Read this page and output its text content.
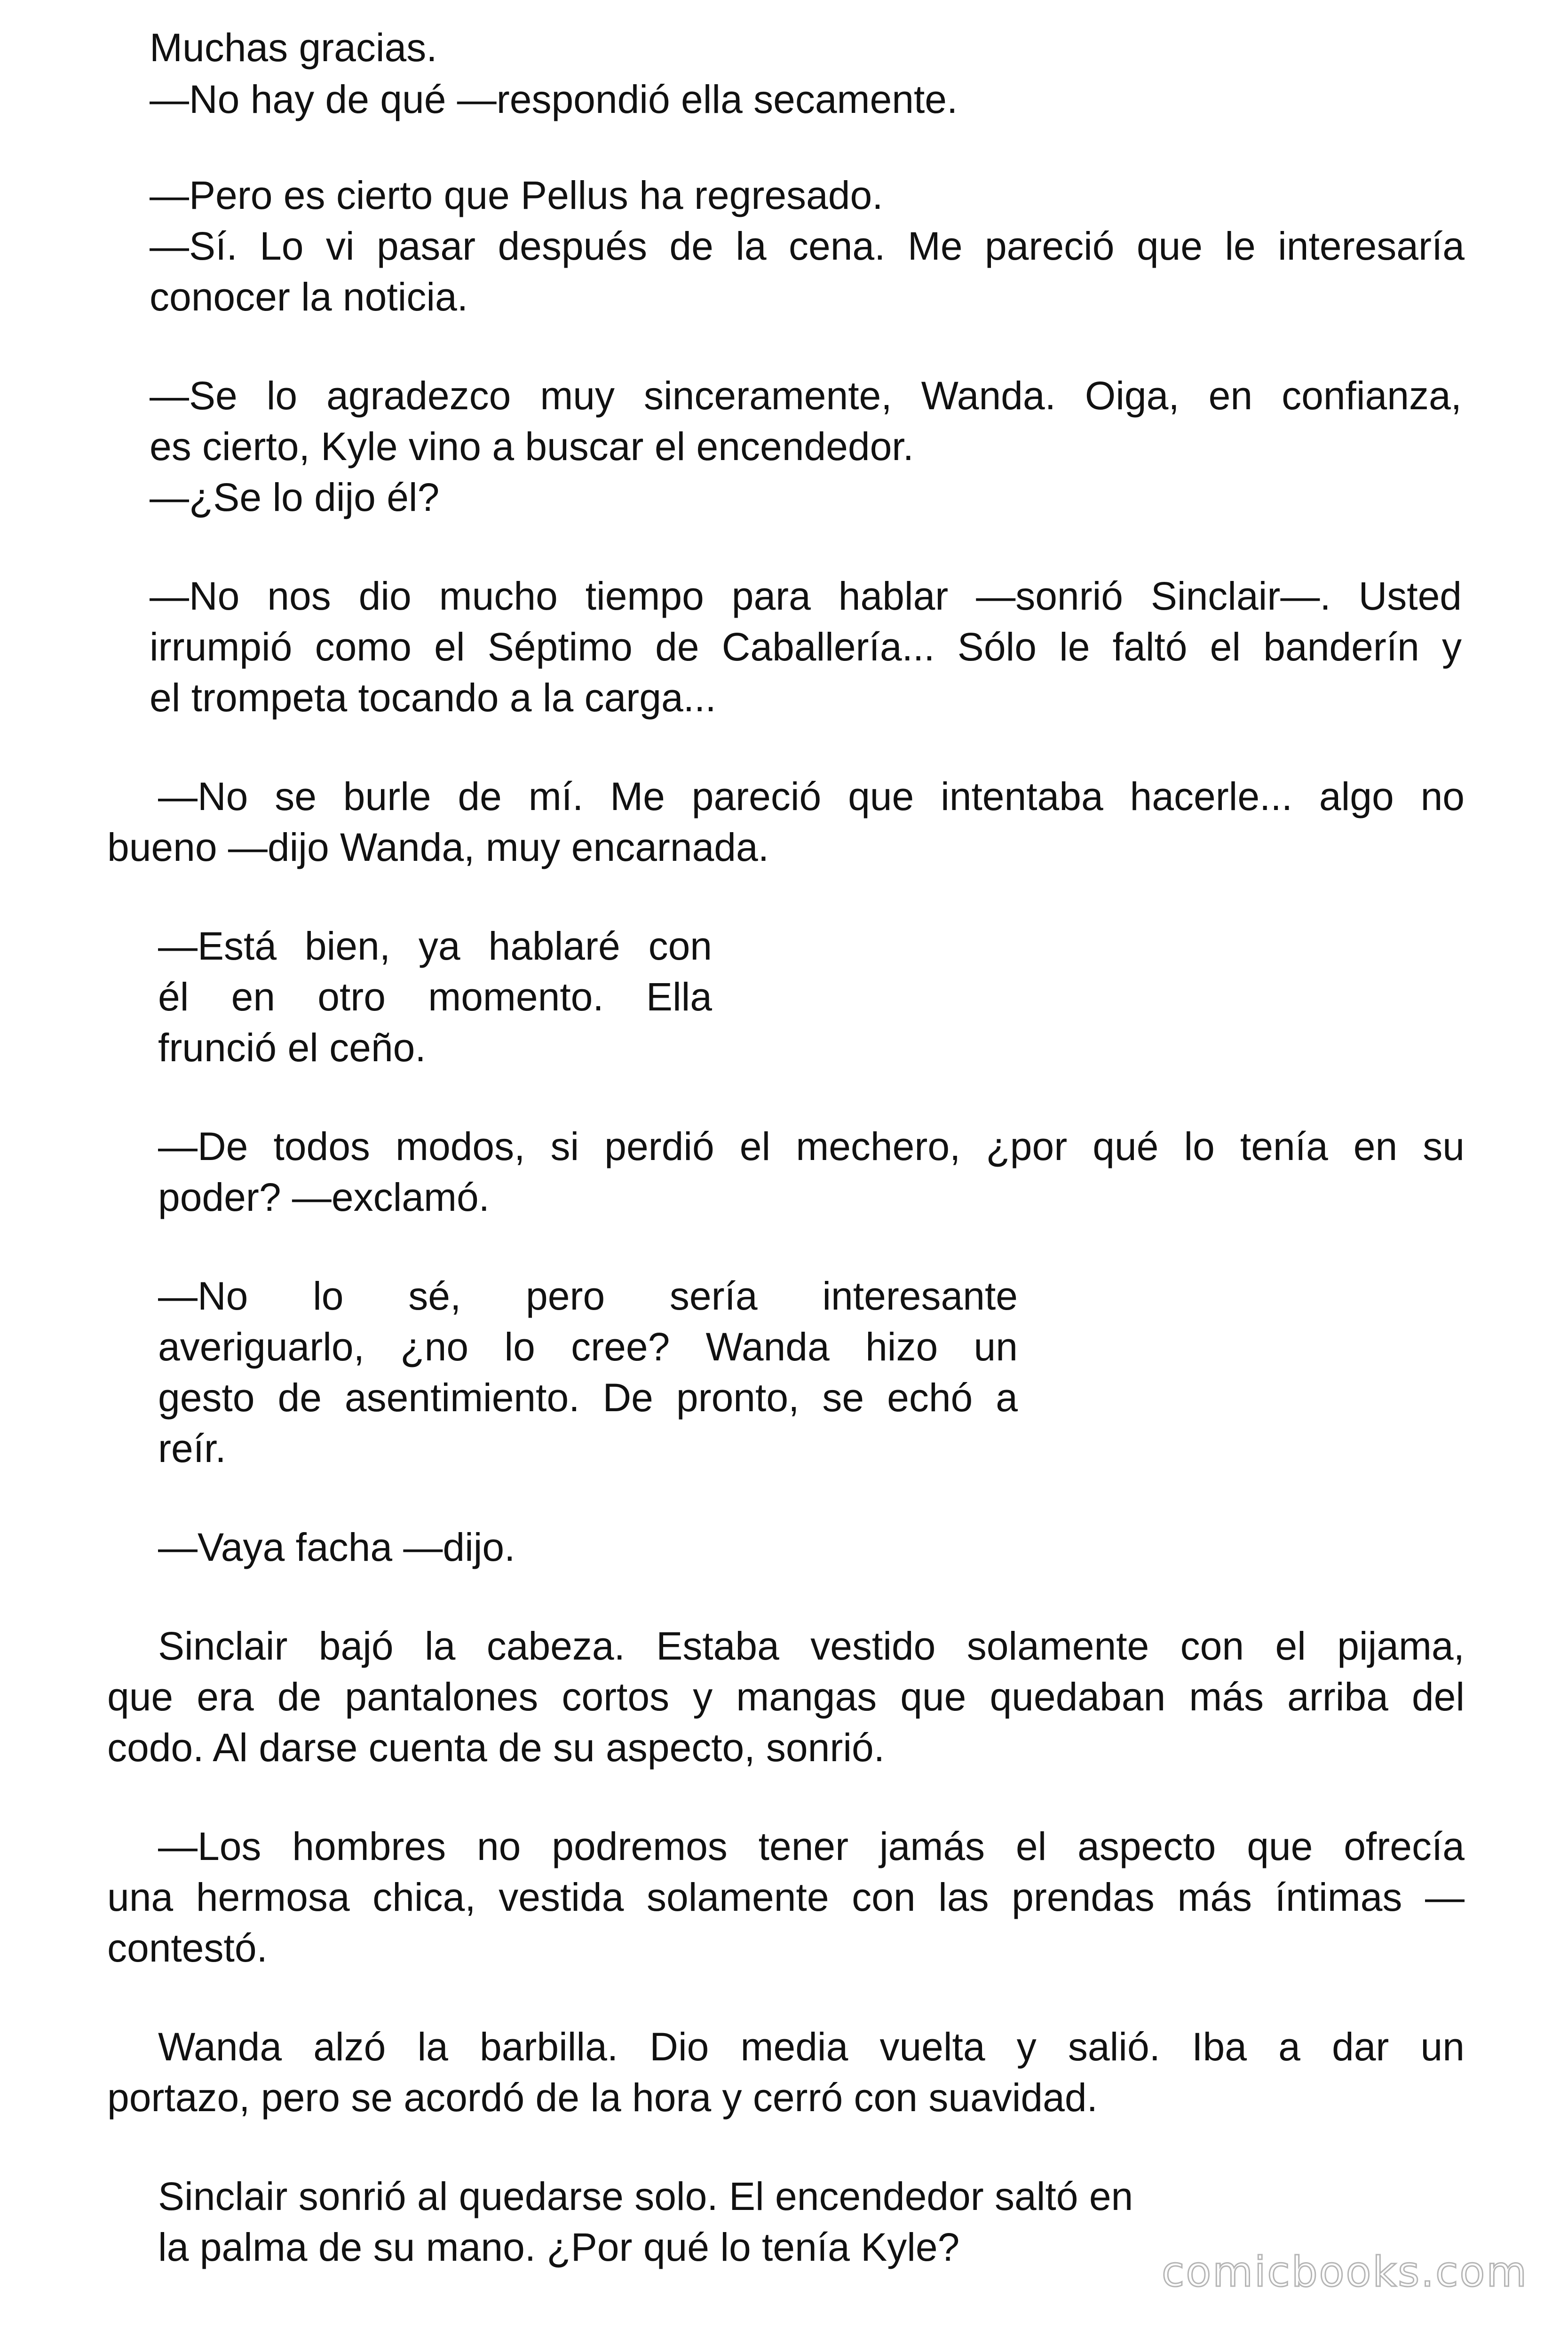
Muchas gracias.
—No hay de qué —respondió ella secamente.
—Pero es cierto que Pellus ha regresado.
—Sí. Lo vi pasar después de la cena. Me pareció que le interesaría
conocer la noticia.
—Se lo agradezco muy sinceramente, Wanda. Oiga, en confianza,
es cierto, Kyle vino a buscar el encendedor.
—¿Se lo dijo él?
—No nos dio mucho tiempo para hablar —sonrió Sinclair—. Usted
irrumpió como el Séptimo de Caballería... Sólo le faltó el banderín y
el trompeta tocando a la carga...
—No se burle de mí. Me pareció que intentaba hacerle... algo no
bueno —dijo Wanda, muy encarnada.
—Está bien, ya hablaré con
él en otro momento. Ella
frunció el ceño.
—De todos modos, si perdió el mechero, ¿por qué lo tenía en su
poder? —exclamó.
—No lo sé, pero sería interesante
averiguarlo, ¿no lo cree? Wanda hizo un
gesto de asentimiento. De pronto, se echó a
reír.
—Vaya facha —dijo.
Sinclair bajó la cabeza. Estaba vestido solamente con el pijama,
que era de pantalones cortos y mangas que quedaban más arriba del
codo. Al darse cuenta de su aspecto, sonrió.
—Los hombres no podremos tener jamás el aspecto que ofrecía
una hermosa chica, vestida solamente con las prendas más íntimas —
contestó.
Wanda alzó la barbilla. Dio media vuelta y salió. Iba a dar un
portazo, pero se acordó de la hora y cerró con suavidad.
Sinclair sonrió al quedarse solo. El encendedor saltó en
la palma de su mano. ¿Por qué lo tenía Kyle?
comicbooks.com
